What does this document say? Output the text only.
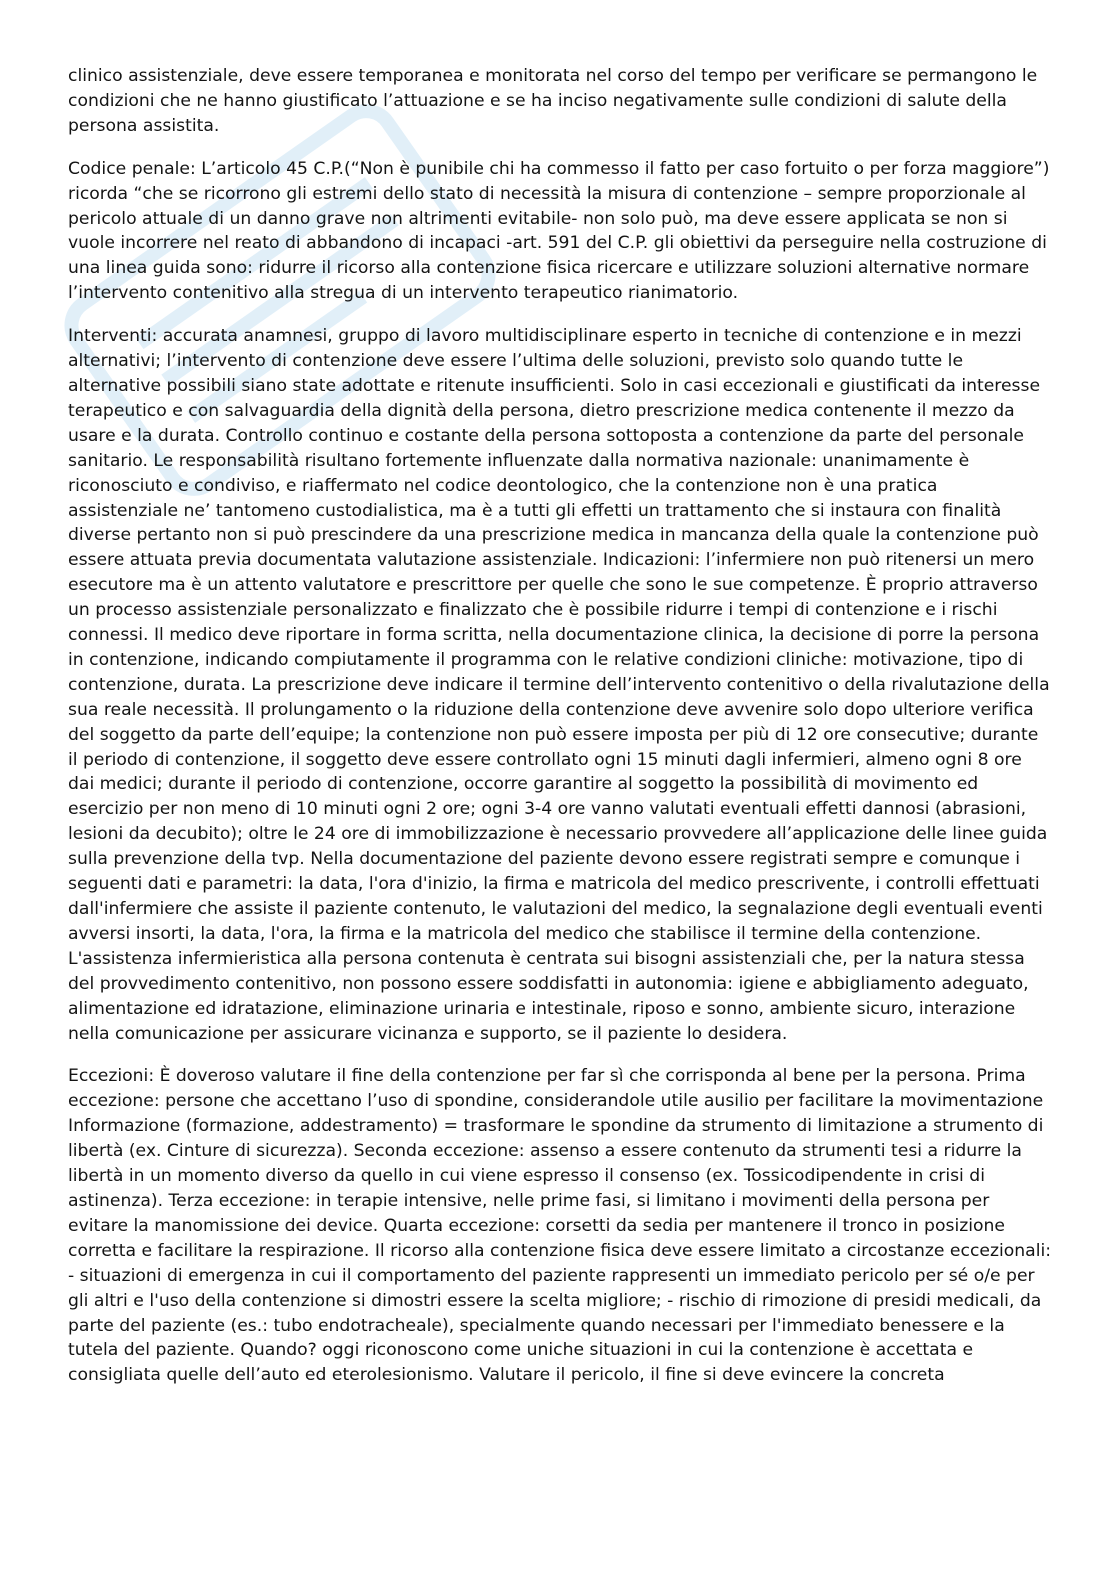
clinico assistenziale, deve essere temporanea e monitorata nel corso del tempo per verificare se permangono le condizioni che ne hanno giustificato l’attuazione e se ha inciso negativamente sulle condizioni di salute della persona assistita.

Codice penale: L’articolo 45 C.P.(“Non è punibile chi ha commesso il fatto per caso fortuito o per forza maggiore”) ricorda “che se ricorrono gli estremi dello stato di necessità la misura di contenzione – sempre proporzionale al pericolo attuale di un danno grave non altrimenti evitabile- non solo può, ma deve essere applicata se non si vuole incorrere nel reato di abbandono di incapaci -art. 591 del C.P. gli obiettivi da perseguire nella costruzione di una linea guida sono: ridurre il ricorso alla contenzione fisica ricercare e utilizzare soluzioni alternative normare l’intervento contenitivo alla stregua di un intervento terapeutico rianimatorio.

Interventi: accurata anamnesi, gruppo di lavoro multidisciplinare esperto in tecniche di contenzione e in mezzi alternativi; l’intervento di contenzione deve essere l’ultima delle soluzioni, previsto solo quando tutte le alternative possibili siano state adottate e ritenute insufficienti. Solo in casi eccezionali e giustificati da interesse terapeutico e con salvaguardia della dignità della persona, dietro prescrizione medica contenente il mezzo da usare e la durata. Controllo continuo e costante della persona sottoposta a contenzione da parte del personale sanitario. Le responsabilità risultano fortemente influenzate dalla normativa nazionale: unanimamente è riconosciuto e condiviso, e riaffermato nel codice deontologico, che la contenzione non è una pratica assistenziale ne’ tantomeno custodialistica, ma è a tutti gli effetti un trattamento che si instaura con finalità diverse pertanto non si può prescindere da una prescrizione medica in mancanza della quale la contenzione può essere attuata previa documentata valutazione assistenziale. Indicazioni: l’infermiere non può ritenersi un mero esecutore ma è un attento valutatore e prescrittore per quelle che sono le sue competenze. È proprio attraverso un processo assistenziale personalizzato e finalizzato che è possibile ridurre i tempi di contenzione e i rischi connessi. Il medico deve riportare in forma scritta, nella documentazione clinica, la decisione di porre la persona in contenzione, indicando compiutamente il programma con le relative condizioni cliniche: motivazione, tipo di contenzione, durata. La prescrizione deve indicare il termine dell’intervento contenitivo o della rivalutazione della sua reale necessità. Il prolungamento o la riduzione della contenzione deve avvenire solo dopo ulteriore verifica del soggetto da parte dell’equipe; la contenzione non può essere imposta per più di 12 ore consecutive; durante il periodo di contenzione, il soggetto deve essere controllato ogni 15 minuti dagli infermieri, almeno ogni 8 ore dai medici; durante il periodo di contenzione, occorre garantire al soggetto la possibilità di movimento ed esercizio per non meno di 10 minuti ogni 2 ore; ogni 3-4 ore vanno valutati eventuali effetti dannosi (abrasioni, lesioni da decubito); oltre le 24 ore di immobilizzazione è necessario provvedere all’applicazione delle linee guida sulla prevenzione della tvp. Nella documentazione del paziente devono essere registrati sempre e comunque i seguenti dati e parametri: la data, l'ora d'inizio, la firma e matricola del medico prescrivente, i controlli effettuati dall'infermiere che assiste il paziente contenuto, le valutazioni del medico, la segnalazione degli eventuali eventi avversi insorti, la data, l'ora, la firma e la matricola del medico che stabilisce il termine della contenzione. L'assistenza infermieristica alla persona contenuta è centrata sui bisogni assistenziali che, per la natura stessa del provvedimento contenitivo, non possono essere soddisfatti in autonomia: igiene e abbigliamento adeguato, alimentazione ed idratazione, eliminazione urinaria e intestinale, riposo e sonno, ambiente sicuro, interazione nella comunicazione per assicurare vicinanza e supporto, se il paziente lo desidera.

Eccezioni: È doveroso valutare il fine della contenzione per far sì che corrisponda al bene per la persona. Prima eccezione: persone che accettano l’uso di spondine, considerandole utile ausilio per facilitare la movimentazione Informazione (formazione, addestramento) = trasformare le spondine da strumento di limitazione a strumento di libertà (ex. Cinture di sicurezza). Seconda eccezione: assenso a essere contenuto da strumenti tesi a ridurre la libertà in un momento diverso da quello in cui viene espresso il consenso (ex. Tossicodipendente in crisi di astinenza). Terza eccezione: in terapie intensive, nelle prime fasi, si limitano i movimenti della persona per evitare la manomissione dei device. Quarta eccezione: corsetti da sedia per mantenere il tronco in posizione corretta e facilitare la respirazione. Il ricorso alla contenzione fisica deve essere limitato a circostanze eccezionali: - situazioni di emergenza in cui il comportamento del paziente rappresenti un immediato pericolo per sé o/e per gli altri e l'uso della contenzione si dimostri essere la scelta migliore; - rischio di rimozione di presidi medicali, da parte del paziente (es.: tubo endotracheale), specialmente quando necessari per l'immediato benessere e la tutela del paziente. Quando? oggi riconoscono come uniche situazioni in cui la contenzione è accettata e consigliata quelle dell’auto ed eterolesionismo. Valutare il pericolo, il fine si deve evincere la concreta
